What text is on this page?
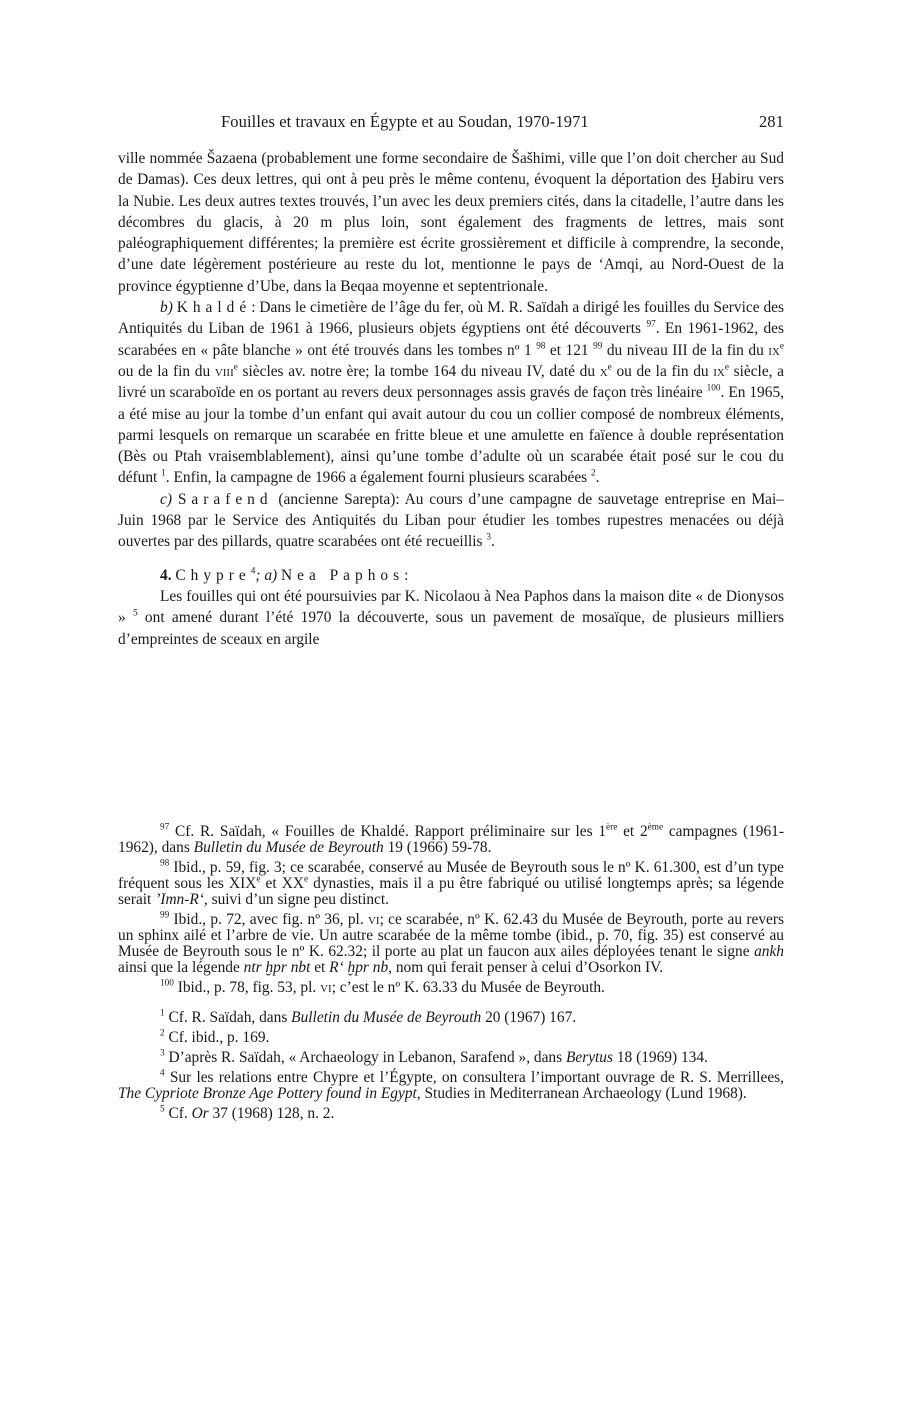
Fouilles et travaux en Égypte et au Soudan, 1970-1971	281

ville nommée Šazaena (probablement une forme secondaire de Šašhimi, ville que l’on doit chercher au Sud de Damas). Ces deux lettres, qui ont à peu près le même contenu, évoquent la déportation des Ḫabiru vers la Nubie. Les deux autres textes trouvés, l’un avec les deux premiers cités, dans la citadelle, l’autre dans les décombres du glacis, à 20 m plus loin, sont également des fragments de lettres, mais sont paléographiquement différentes; la première est écrite grossièrement et difficile à comprendre, la seconde, d’une date légèrement postérieure au reste du lot, mentionne le pays de ‘Amqi, au Nord-Ouest de la province égyptienne d’Ube, dans la Beqaa moyenne et septentrionale.

b) Khaldé: Dans le cimetière de l’âge du fer, où M. R. Saïdah a dirigé les fouilles du Service des Antiquités du Liban de 1961 à 1966, plusieurs objets égyptiens ont été découverts $^{97}$. En 1961-1962, des scarabées en « pâte blanche » ont été trouvés dans les tombes nº 1 $^{98}$ et 121 $^{99}$ du niveau III de la fin du $ix^e$ ou de la fin du viii$^e$ siècles av. notre ère; la tombe 164 du niveau IV, daté du $x^e$ ou de la fin du $ix^e$ siècle, a livré un scaraboïde en os portant au revers deux personnages assis gravés de façon très linéaire $^{100}$. En 1965, a été mise au jour la tombe d’un enfant qui avait autour du cou un collier composé de nombreux éléments, parmi lesquels on remarque un scarabée en fritte bleue et une amulette en faïence à double représentation (Bès ou Ptah vraisemblablement), ainsi qu’une tombe d’adulte où un scarabée était posé sur le cou du défunt $^1$. Enfin, la campagne de 1966 a également fourni plusieurs scarabées $^2$.

c) Sarafend (ancienne Sarepta): Au cours d’une campagne de sauvetage entreprise en Mai–Juin 1968 par le Service des Antiquités du Liban pour étudier les tombes rupestres menacées ou déjà ouvertes par des pillards, quatre scarabées ont été recueillis $^3$.

4. Chypre$^4$; a) Nea Paphos:

Les fouilles qui ont été poursuivies par K. Nicolaou à Nea Paphos dans la maison dite « de Dionysos » $^5$ ont amené durant l’été 1970 la découverte, sous un pavement de mosaïque, de plusieurs milliers d’empreintes de sceaux en argile

$^{97}$ Cf. R. Saïdah, « Fouilles de Khaldé. Rapport préliminaire sur les 1ère et 2ème campagnes (1961-1962), dans Bulletin du Musée de Beyrouth 19 (1966) 59-78.

$^{98}$ Ibid., p. 59, fig. 3; ce scarabée, conservé au Musée de Beyrouth sous le nº K. 61.300, est d’un type fréquent sous les XIXe et XXe dynasties, mais il a pu être fabriqué ou utilisé longtemps après; sa légende serait ’Imn-R‘, suivi d’un signe peu distinct.

$^{99}$ Ibid., p. 72, avec fig. nº 36, pl. vi; ce scarabée, nº K. 62.43 du Musée de Beyrouth, porte au revers un sphinx ailé et l’arbre de vie. Un autre scarabée de la même tombe (ibid., p. 70, fig. 35) est conservé au Musée de Beyrouth sous le nº K. 62.32; il porte au plat un faucon aux ailes déployées tenant le signe ankh ainsi que la légende ntr ḫpr nbt et R‘ ḫpr nb, nom qui ferait penser à celui d’Osorkon IV.

$^{100}$ Ibid., p. 78, fig. 53, pl. vi; c’est le nº K. 63.33 du Musée de Beyrouth.

$^1$ Cf. R. Saïdah, dans Bulletin du Musée de Beyrouth 20 (1967) 167.

$^2$ Cf. ibid., p. 169.

$^3$ D’après R. Saïdah, « Archaeology in Lebanon, Sarafend », dans Berytus 18 (1969) 134.

$^4$ Sur les relations entre Chypre et l’Égypte, on consultera l’important ouvrage de R. S. Merrillees, The Cypriote Bronze Age Pottery found in Egypt, Studies in Mediterranean Archaeology (Lund 1968).

$^5$ Cf. Or 37 (1968) 128, n. 2.
